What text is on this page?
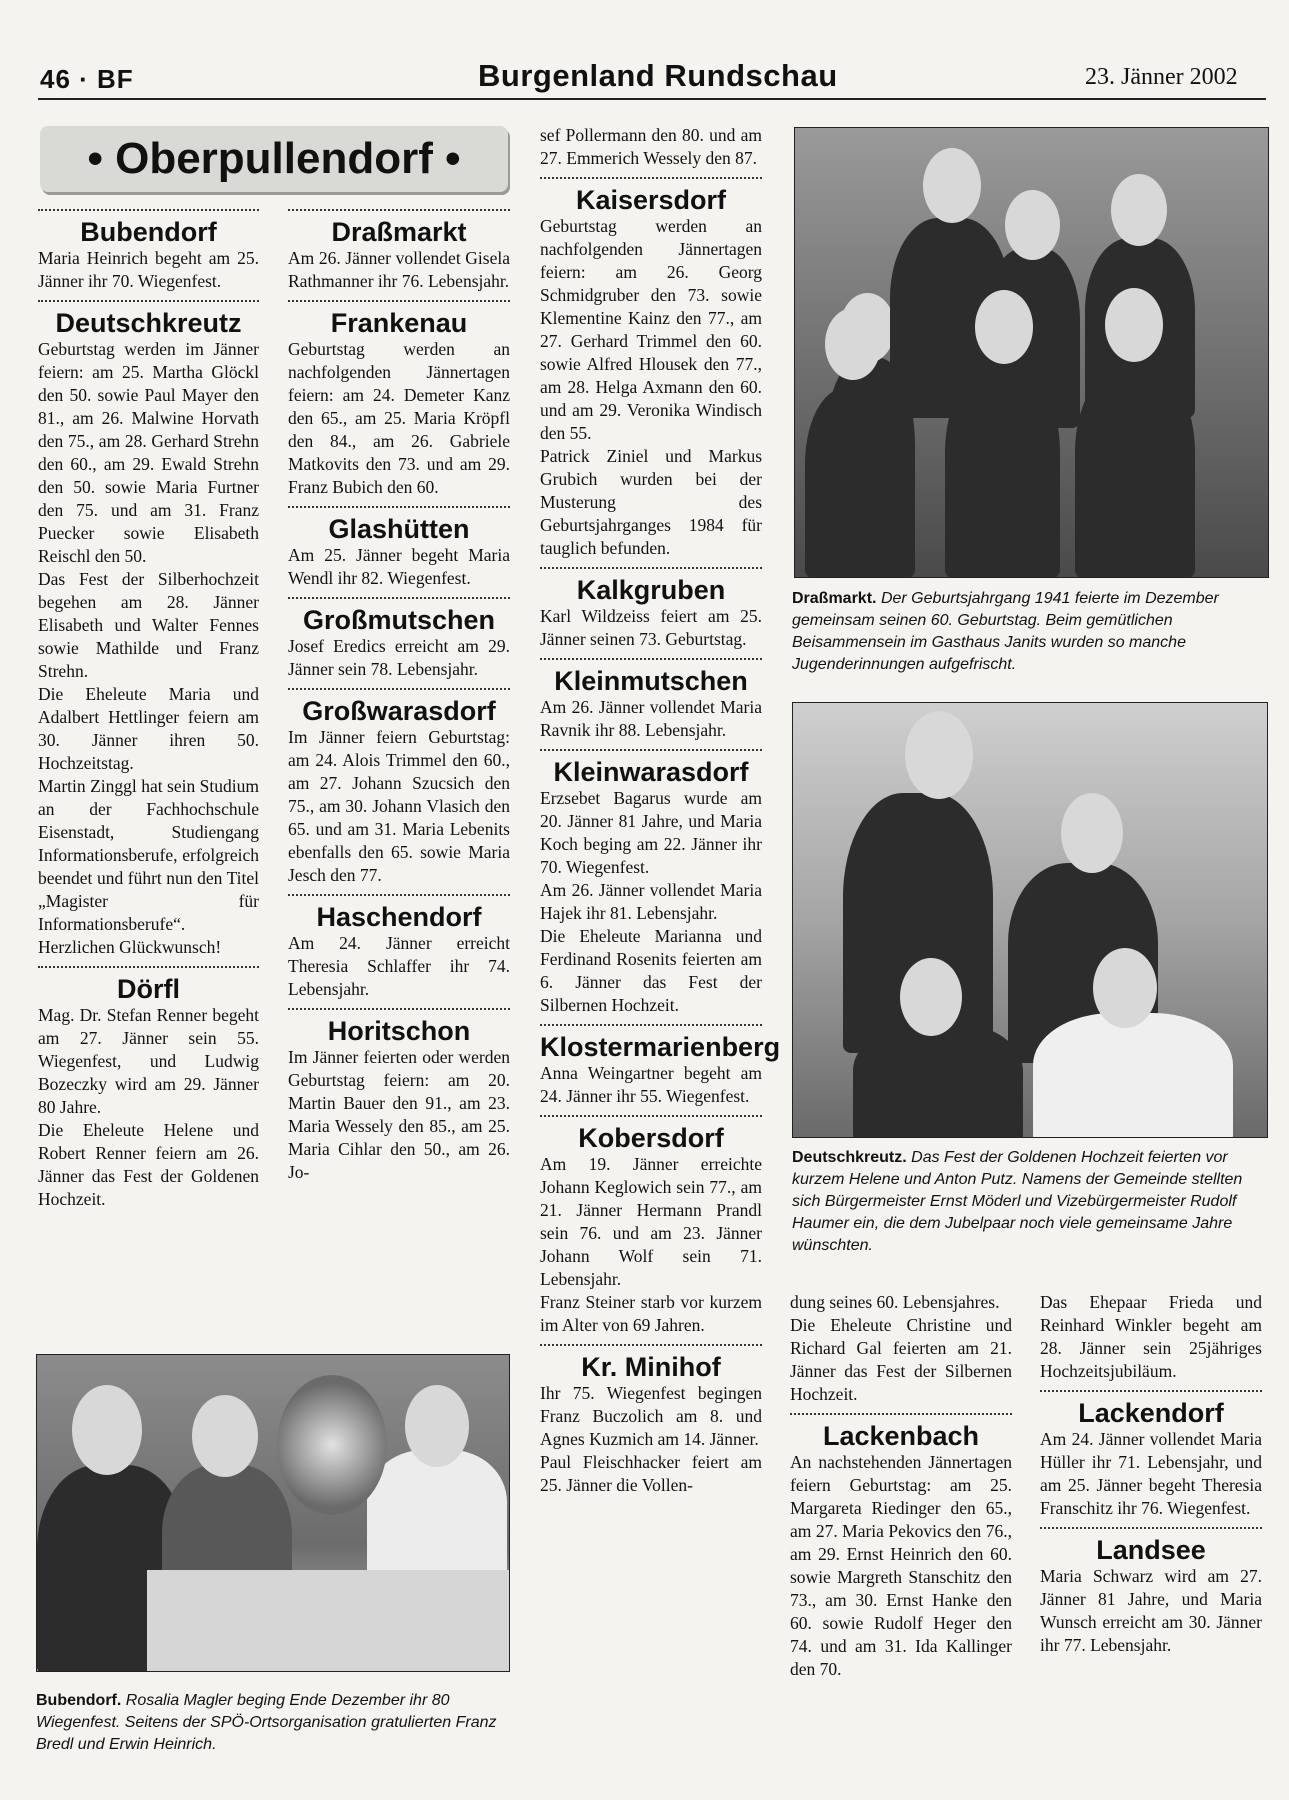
46 · BF	Burgenland Rundschau	23. Jänner 2002
• Oberpullendorf •
Bubendorf

Maria Heinrich begeht am 25. Jänner ihr 70. Wiegenfest.

Deutschkreutz

Geburtstag werden im Jänner feiern: am 25. Martha Glöckl den 50. sowie Paul Mayer den 81., am 26. Malwine Horvath den 75., am 28. Gerhard Strehn den 60., am 29. Ewald Strehn den 50. sowie Maria Furtner den 75. und am 31. Franz Puecker sowie Elisabeth Reischl den 50.

Das Fest der Silberhochzeit begehen am 28. Jänner Elisabeth und Walter Fennes sowie Mathilde und Franz Strehn.

Die Eheleute Maria und Adalbert Hettlinger feiern am 30. Jänner ihren 50. Hochzeitstag.

Martin Zinggl hat sein Studium an der Fachhochschule Eisenstadt, Studiengang Informationsberufe, erfolgreich beendet und führt nun den Titel „Magister für Informationsberufe“. Herzlichen Glückwunsch!

Dörfl

Mag. Dr. Stefan Renner begeht am 27. Jänner sein 55. Wiegenfest, und Ludwig Bozeczky wird am 29. Jänner 80 Jahre.

Die Eheleute Helene und Robert Renner feiern am 26. Jänner das Fest der Goldenen Hochzeit.

Draßmarkt

Am 26. Jänner vollendet Gisela Rathmanner ihr 76. Lebensjahr.

Frankenau

Geburtstag werden an nachfolgenden Jännertagen feiern: am 24. Demeter Kanz den 65., am 25. Maria Kröpfl den 84., am 26. Gabriele Matkovits den 73. und am 29. Franz Bubich den 60.

Glashütten

Am 25. Jänner begeht Maria Wendl ihr 82. Wiegenfest.

Großmutschen

Josef Eredics erreicht am 29. Jänner sein 78. Lebensjahr.

Großwarasdorf

Im Jänner feiern Geburtstag: am 24. Alois Trimmel den 60., am 27. Johann Szucsich den 75., am 30. Johann Vlasich den 65. und am 31. Maria Lebenits ebenfalls den 65. sowie Maria Jesch den 77.

Haschendorf

Am 24. Jänner erreicht Theresia Schlaffer ihr 74. Lebensjahr.

Horitschon

Im Jänner feierten oder werden Geburtstag feiern: am 20. Martin Bauer den 91., am 23. Maria Wessely den 85., am 25. Maria Cihlar den 50., am 26. Jo-

sef Pollermann den 80. und am 27. Emmerich Wessely den 87.

Kaisersdorf

Geburtstag werden an nachfolgenden Jännertagen feiern: am 26. Georg Schmidgruber den 73. sowie Klementine Kainz den 77., am 27. Gerhard Trimmel den 60. sowie Alfred Hlousek den 77., am 28. Helga Axmann den 60. und am 29. Veronika Windisch den 55.

Patrick Ziniel und Markus Grubich wurden bei der Musterung des Geburtsjahrganges 1984 für tauglich befunden.

Kalkgruben

Karl Wildzeiss feiert am 25. Jänner seinen 73. Geburtstag.

Kleinmutschen

Am 26. Jänner vollendet Maria Ravnik ihr 88. Lebensjahr.

Kleinwarasdorf

Erzsebet Bagarus wurde am 20. Jänner 81 Jahre, und Maria Koch beging am 22. Jänner ihr 70. Wiegenfest.

Am 26. Jänner vollendet Maria Hajek ihr 81. Lebensjahr.

Die Eheleute Marianna und Ferdinand Rosenits feierten am 6. Jänner das Fest der Silbernen Hochzeit.

Klostermarienberg

Anna Weingartner begeht am 24. Jänner ihr 55. Wiegenfest.

Kobersdorf

Am 19. Jänner erreichte Johann Keglowich sein 77., am 21. Jänner Hermann Prandl sein 76. und am 23. Jänner Johann Wolf sein 71. Lebensjahr.

Franz Steiner starb vor kurzem im Alter von 69 Jahren.

Kr. Minihof

Ihr 75. Wiegenfest begingen Franz Buczolich am 8. und Agnes Kuzmich am 14. Jänner.

Paul Fleischhacker feiert am 25. Jänner die Vollen-

dung seines 60. Lebensjahres.

Die Eheleute Christine und Richard Gal feierten am 21. Jänner das Fest der Silbernen Hochzeit.

Lackenbach

An nachstehenden Jännertagen feiern Geburtstag: am 25. Margareta Riedinger den 65., am 27. Maria Pekovics den 76., am 29. Ernst Heinrich den 60. sowie Margreth Stanschitz den 73., am 30. Ernst Hanke den 60. sowie Rudolf Heger den 74. und am 31. Ida Kallinger den 70.

Das Ehepaar Frieda und Reinhard Winkler begeht am 28. Jänner sein 25jähriges Hochzeitsjubiläum.

Lackendorf

Am 24. Jänner vollendet Maria Hüller ihr 71. Lebensjahr, und am 25. Jänner begeht Theresia Franschitz ihr 76. Wiegenfest.

Landsee

Maria Schwarz wird am 27. Jänner 81 Jahre, und Maria Wunsch erreicht am 30. Jänner ihr 77. Lebensjahr.

Draßmarkt. Der Geburtsjahrgang 1941 feierte im Dezember gemeinsam seinen 60. Geburtstag. Beim gemütlichen Beisammensein im Gasthaus Janits wurden so manche Jugenderinnungen aufgefrischt.
Deutschkreutz. Das Fest der Goldenen Hochzeit feierten vor kurzem Helene und Anton Putz. Namens der Gemeinde stellten sich Bürgermeister Ernst Möderl und Vizebürgermeister Rudolf Haumer ein, die dem Jubelpaar noch viele gemeinsame Jahre wünschten.
Bubendorf. Rosalia Magler beging Ende Dezember ihr 80 Wiegenfest. Seitens der SPÖ-Ortsorganisation gratulierten Franz Bredl und Erwin Heinrich.
